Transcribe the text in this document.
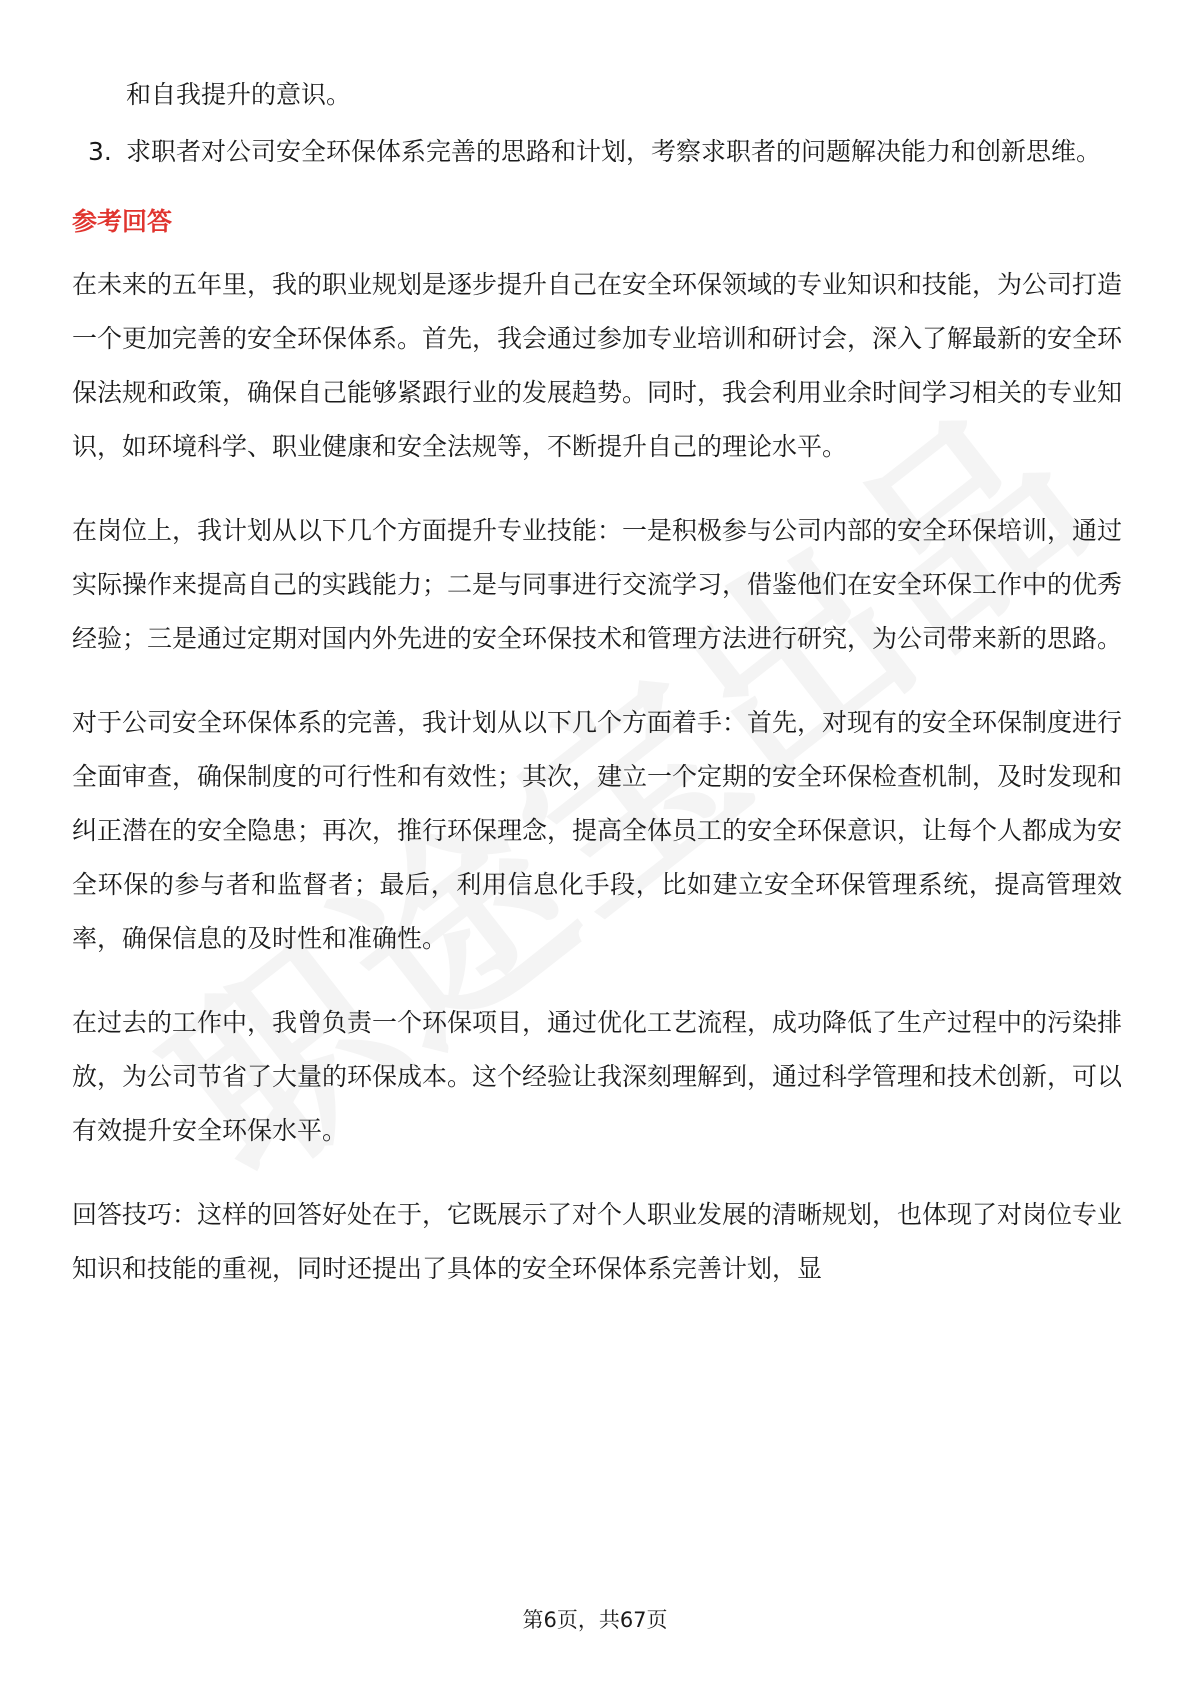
和自我提升的意识。
3. 求职者对公司安全环保体系完善的思路和计划，考察求职者的问题解决能力和创新思维。
参考回答

在未来的五年里，我的职业规划是逐步提升自己在安全环保领域的专业知识和技能，为公司打造一个更加完善的安全环保体系。首先，我会通过参加专业培训和研讨会，深入了解最新的安全环保法规和政策，确保自己能够紧跟行业的发展趋势。同时，我会利用业余时间学习相关的专业知识，如环境科学、职业健康和安全法规等，不断提升自己的理论水平。

在岗位上，我计划从以下几个方面提升专业技能：一是积极参与公司内部的安全环保培训，通过实际操作来提高自己的实践能力；二是与同事进行交流学习，借鉴他们在安全环保工作中的优秀经验；三是通过定期对国内外先进的安全环保技术和管理方法进行研究，为公司带来新的思路。

对于公司安全环保体系的完善，我计划从以下几个方面着手：首先，对现有的安全环保制度进行全面审查，确保制度的可行性和有效性；其次，建立一个定期的安全环保检查机制，及时发现和纠正潜在的安全隐患；再次，推行环保理念，提高全体员工的安全环保意识，让每个人都成为安全环保的参与者和监督者；最后，利用信息化手段，比如建立安全环保管理系统，提高管理效率，确保信息的及时性和准确性。

在过去的工作中，我曾负责一个环保项目，通过优化工艺流程，成功降低了生产过程中的污染排放，为公司节省了大量的环保成本。这个经验让我深刻理解到，通过科学管理和技术创新，可以有效提升安全环保水平。

回答技巧：这样的回答好处在于，它既展示了对个人职业发展的清晰规划，也体现了对岗位专业知识和技能的重视，同时还提出了具体的安全环保体系完善计划，显

第6页，共67页
